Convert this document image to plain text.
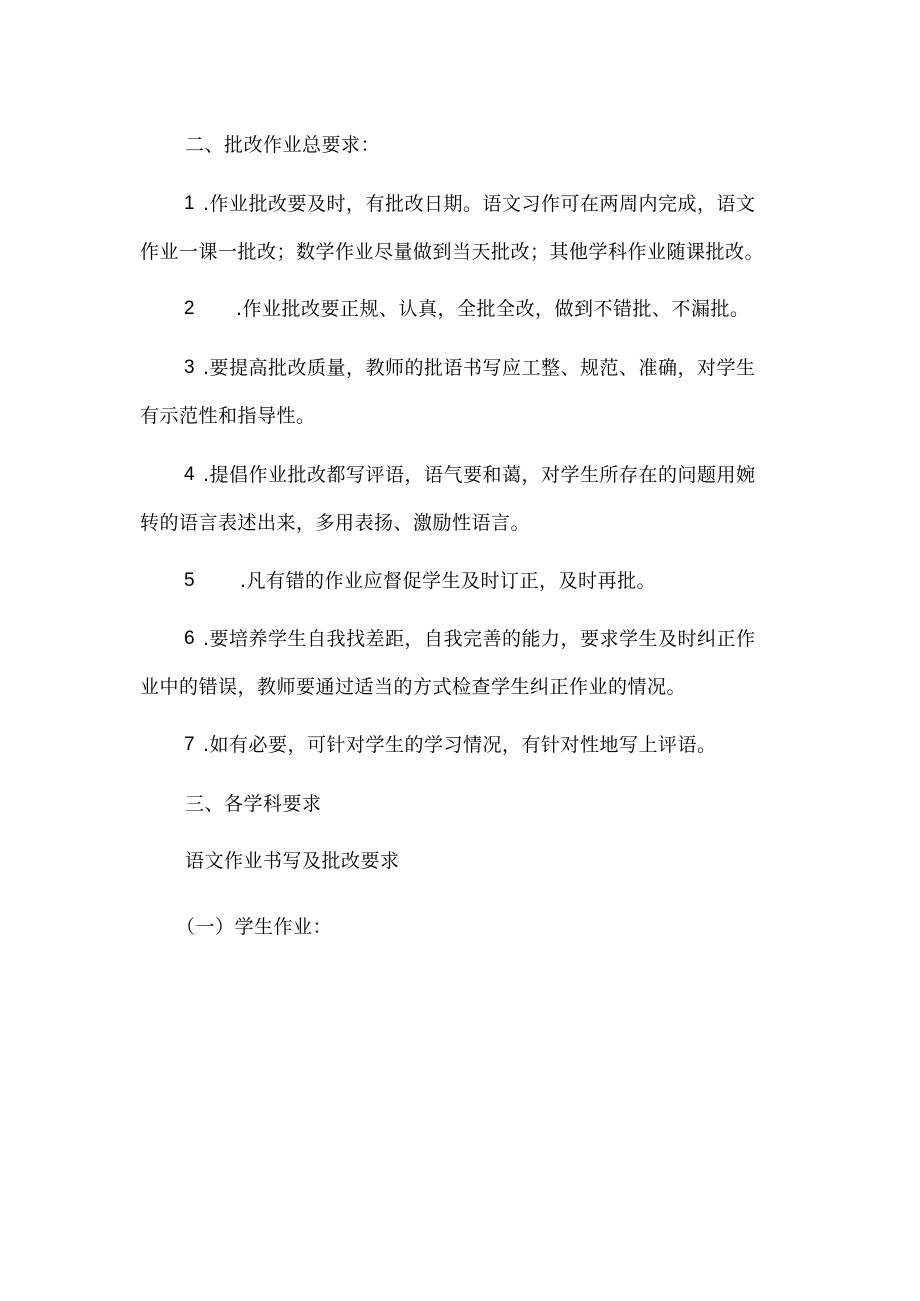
二、批改作业总要求：

1 .作业批改要及时，有批改日期。语文习作可在两周内完成，语文

作业一课一批改；数学作业尽量做到当天批改；其他学科作业随课批改。

2 .作业批改要正规、认真，全批全改，做到不错批、不漏批。

3 .要提高批改质量，教师的批语书写应工整、规范、准确，对学生

有示范性和指导性。

4 .提倡作业批改都写评语，语气要和蔼，对学生所存在的问题用婉

转的语言表述出来，多用表扬、激励性语言。

5 .凡有错的作业应督促学生及时订正，及时再批。

6 .要培养学生自我找差距，自我完善的能力，要求学生及时纠正作

业中的错误，教师要通过适当的方式检查学生纠正作业的情况。

7 .如有必要，可针对学生的学习情况，有针对性地写上评语。

三、各学科要求

语文作业书写及批改要求

（一）学生作业：
